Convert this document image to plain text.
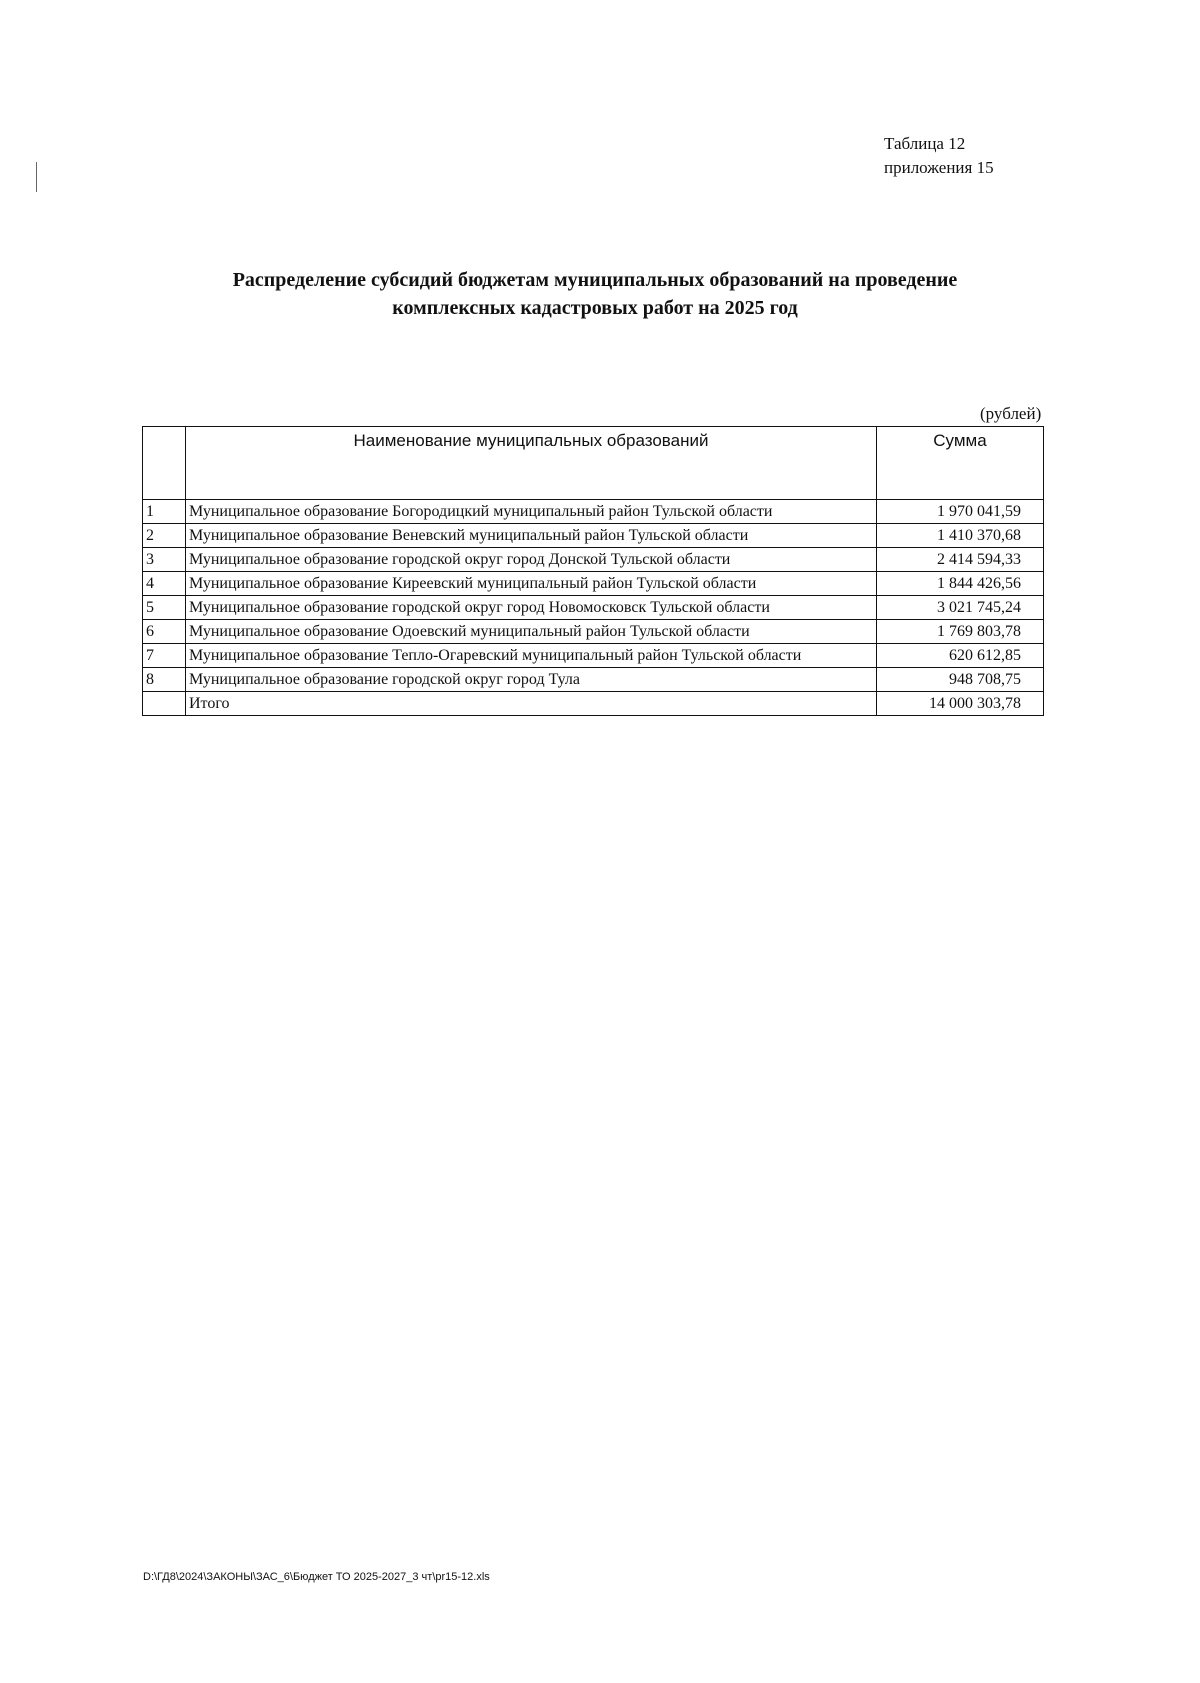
Таблица 12
приложения 15
Распределение субсидий бюджетам муниципальных образований на проведение
комплексных кадастровых работ на 2025 год
(рублей)
	Наименование муниципальных образований	Сумма
1	Муниципальное образование Богородицкий муниципальный район Тульской области	1 970 041,59
2	Муниципальное образование Веневский муниципальный район Тульской области	1 410 370,68
3	Муниципальное образование городской округ город Донской Тульской области	2 414 594,33
4	Муниципальное образование Киреевский муниципальный район Тульской области	1 844 426,56
5	Муниципальное образование городской округ город Новомосковск Тульской области	3 021 745,24
6	Муниципальное образование Одоевский муниципальный район Тульской области	1 769 803,78
7	Муниципальное образование Тепло-Огаревский муниципальный район Тульской области	620 612,85
8	Муниципальное образование городской округ город Тула	948 708,75
	Итого	14 000 303,78
D:\ГД8\2024\ЗАКОНЫ\ЗАС_6\Бюджет ТО 2025-2027_3 чт\pr15-12.xls
